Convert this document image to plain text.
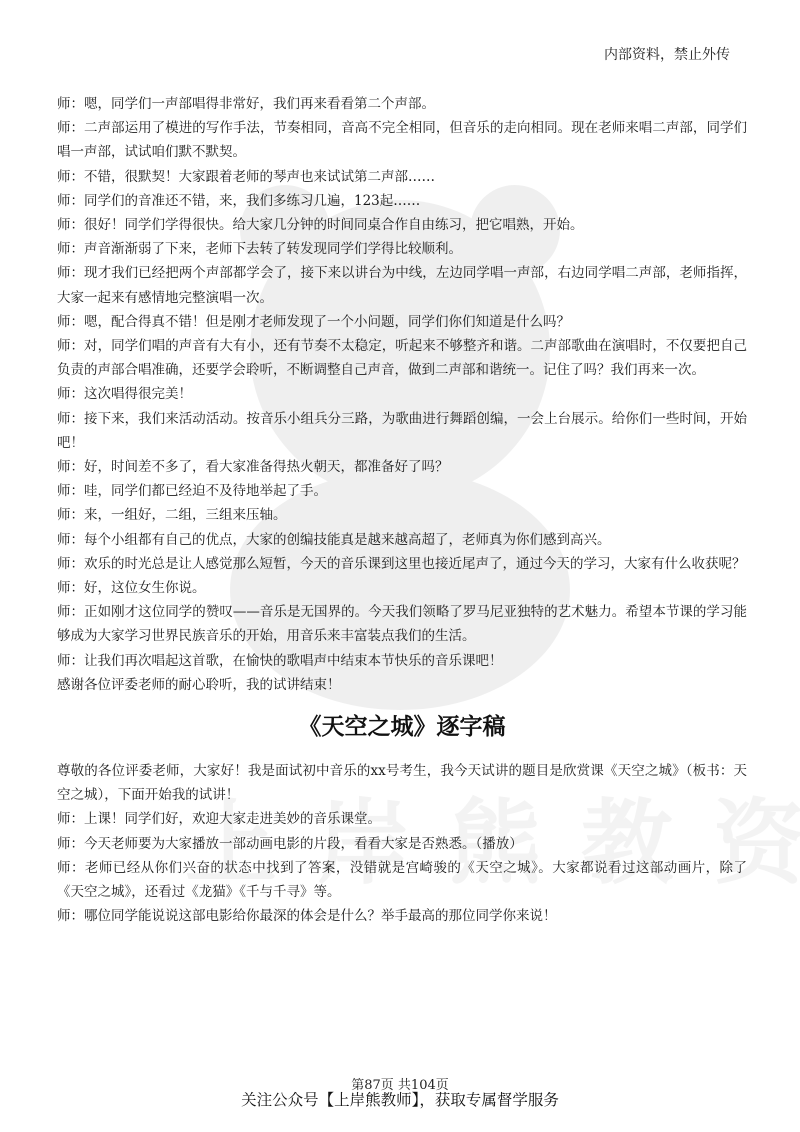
内部资料，禁止外传

师：嗯，同学们一声部唱得非常好，我们再来看看第二个声部。

师：二声部运用了模进的写作手法，节奏相同，音高不完全相同，但音乐的走向相同。现在老师来唱二声部，同学们唱一声部，试试咱们默不默契。

师：不错，很默契！大家跟着老师的琴声也来试试第二声部……

师：同学们的音准还不错，来，我们多练习几遍，123起……

师：很好！同学们学得很快。给大家几分钟的时间同桌合作自由练习，把它唱熟，开始。

师：声音渐渐弱了下来，老师下去转了转发现同学们学得比较顺利。

师：现才我们已经把两个声部都学会了，接下来以讲台为中线，左边同学唱一声部，右边同学唱二声部，老师指挥，大家一起来有感情地完整演唱一次。

师：嗯，配合得真不错！但是刚才老师发现了一个小问题，同学们你们知道是什么吗？

师：对，同学们唱的声音有大有小，还有节奏不太稳定，听起来不够整齐和谐。二声部歌曲在演唱时，不仅要把自己负责的声部合唱准确，还要学会聆听，不断调整自己声音，做到二声部和谐统一。记住了吗？我们再来一次。

师：这次唱得很完美！

师：接下来，我们来活动活动。按音乐小组兵分三路，为歌曲进行舞蹈创编，一会上台展示。给你们一些时间，开始吧！

师：好，时间差不多了，看大家准备得热火朝天，都准备好了吗？

师：哇，同学们都已经迫不及待地举起了手。

师：来，一组好，二组，三组来压轴。

师：每个小组都有自己的优点，大家的创编技能真是越来越高超了，老师真为你们感到高兴。

师：欢乐的时光总是让人感觉那么短暂，今天的音乐课到这里也接近尾声了，通过今天的学习，大家有什么收获呢？

师：好，这位女生你说。

师：正如刚才这位同学的赞叹——音乐是无国界的。今天我们领略了罗马尼亚独特的艺术魅力。希望本节课的学习能够成为大家学习世界民族音乐的开始，用音乐来丰富装点我们的生活。

师：让我们再次唱起这首歌，在愉快的歌唱声中结束本节快乐的音乐课吧！

感谢各位评委老师的耐心聆听，我的试讲结束！

《天空之城》逐字稿

尊敬的各位评委老师，大家好！我是面试初中音乐的xx号考生，我今天试讲的题目是欣赏课《天空之城》（板书：天空之城），下面开始我的试讲！

师：上课！同学们好，欢迎大家走进美妙的音乐课堂。

师：今天老师要为大家播放一部动画电影的片段，看看大家是否熟悉。（播放）

师：老师已经从你们兴奋的状态中找到了答案，没错就是宫崎骏的《天空之城》。大家都说看过这部动画片，除了《天空之城》，还看过《龙猫》《千与千寻》等。

师：哪位同学能说说这部电影给你最深的体会是什么？举手最高的那位同学你来说！

第87页 共104页
关注公众号【上岸熊教师】，获取专属督学服务
